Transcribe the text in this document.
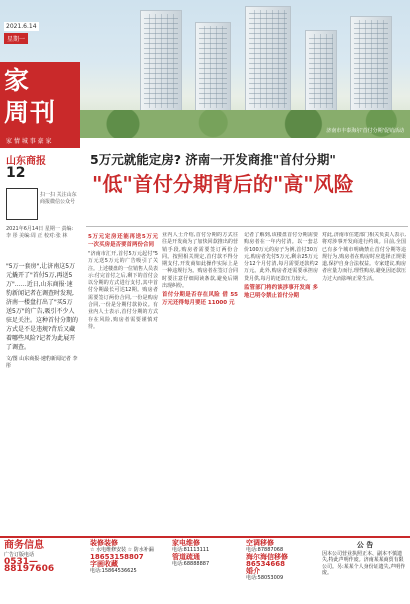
济南市丰泰海尔'首付分期'促销活动
2021.6.14
星期一
家
周刊
家 情 城 事 豪 家
山东商报
12
扫一扫 关注山东商报微信公众号
2021年6月14日 星期一 责编:李 彤 美编:周 正 校对:张 林
"5万一套房",让济南这5万元撬开了"首付5万,再送5万"……近日,山东商报·速豹新闻记者在调查时发现,济南一楼盘打出了"买5万送5万"的广告,吸引不少人驻足关注。这种首付分期的方式是不是违规?背后又藏着哪些风险?记者为此展开了调查。
文/图 山东商报·速豹新闻记者 李 彤
5万元就能定房? 济南一开发商推"首付分期"
"低"首付分期背后的"高"风险
5万元定房还能再送5万元 一次买房是否要首两份合同
"济南市汇开,首付5万元起付"5万元送5万元的广告吸引了关注。上述楼盘的一位销售人员表示:付完首付之后,剩下的首付会以分期的方式进行支付,其中首付分期最长可达12期。购房者需要签订两份合同,一份是购房合同,一份是分期付款协议。有业内人士表示,首付分期的方式存在风险,购房者需要谨慎对待。
业内人士介绍,首付分期的方式往往是开发商为了加快回款推出的营销手段,购房者需要签订两份合同。按照相关规定,首付款不得分期支付,开发商如此操作实际上是一种违规行为。购房者在签订合同时要注意仔细阅读条款,避免后期出现纠纷。
首付分期是否存在风险 借 55 万元还得每月要还 11000 元
记者了解到,该楼盘首付分期需要购房者在一年内付清。以一套总价100万元的房子为例,首付30万元,购房者先付5万元,剩余25万元分12个月付清,每月需要还款约2万元。此外,购房者还需要承担房贷月供,每月的还款压力较大。
监管部门将约谈涉事开发商 多地已明令禁止首付分期
对此,济南市住建部门相关负责人表示,将对涉事开发商进行约谈。目前,全国已有多个城市明确禁止首付分期等违规行为,购房者在购房时应选择正规渠道,保护自身合法权益。专家建议,购房者应量力而行,理性购房,避免因还款压力过大而影响正常生活。
商务信息
广告订版电话
0531—88197606
装修装修
☆ 水电维修安装 ☆ 防水补漏
18653158807
字画收藏
电话:15864536625
家电维修
电话:81113111
管道疏通
电话:68888887
空调移修
电话:87887068
海尔海信移修
86534668
婚介
电话:58053009
公 告
因本公司营业执照正本、副本不慎遗失,特此声明作废。济南某某商贸有限公司。另:某某个人身份证遗失,声明作废。
